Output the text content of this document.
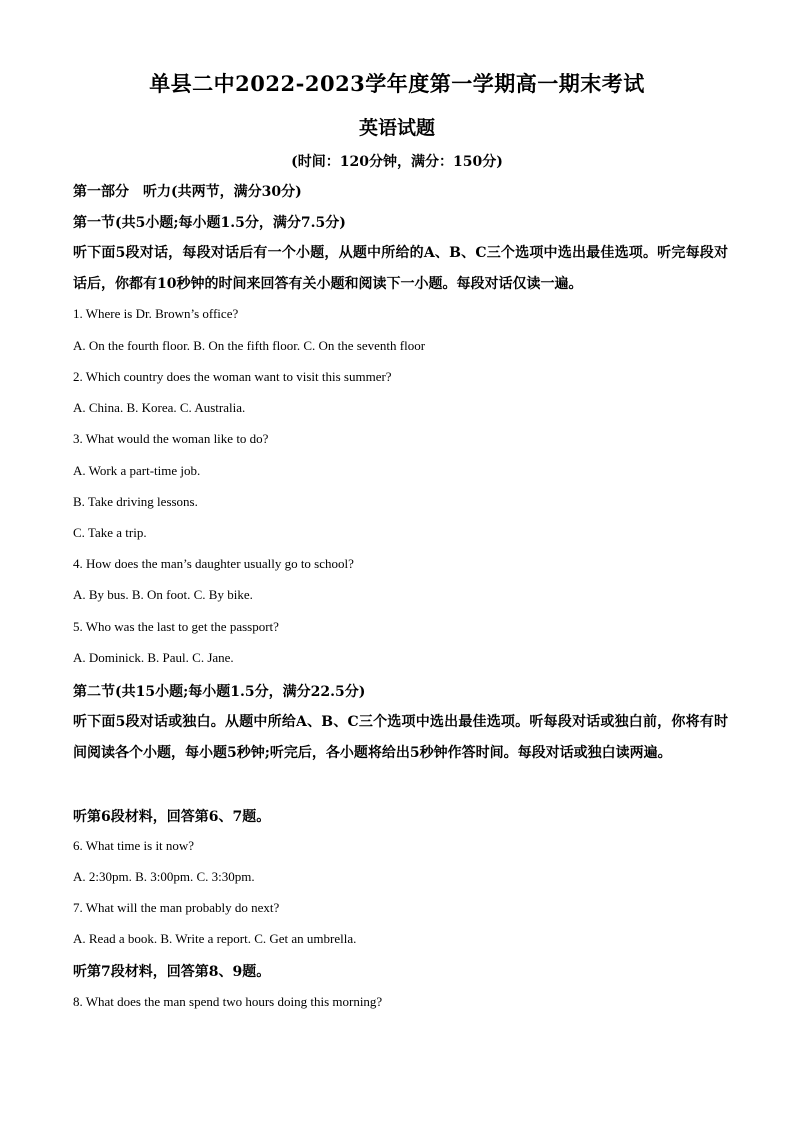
单县二中2022-2023学年度第一学期高一期末考试
英语试题
(时间：120分钟，满分：150分)
第一部分　听力(共两节，满分30分)
第一节(共5小题;每小题1.5分，满分7.5分)
听下面5段对话，每段对话后有一个小题，从题中所给的A、B、C三个选项中选出最佳选项。听完每段对话后，你都有10秒钟的时间来回答有关小题和阅读下一小题。每段对话仅读一遍。
1. Where is Dr. Brown’s office?
A. On the fourth floor. B. On the fifth floor. C. On the seventh floor
2. Which country does the woman want to visit this summer?
A. China. B. Korea. C. Australia.
3. What would the woman like to do?
A. Work a part-time job.
B. Take driving lessons.
C. Take a trip.
4. How does the man’s daughter usually go to school?
A. By bus. B. On foot. C. By bike.
5. Who was the last to get the passport?
A. Dominick. B. Paul. C. Jane.
第二节(共15小题;每小题1.5分，满分22.5分)
听下面5段对话或独白。从题中所给A、B、C三个选项中选出最佳选项。听每段对话或独白前，你将有时间阅读各个小题，每小题5秒钟;听完后，各小题将给出5秒钟作答时间。每段对话或独白读两遍。
听第6段材料，回答第6、7题。
6. What time is it now?
A. 2:30pm. B. 3:00pm. C. 3:30pm.
7. What will the man probably do next?
A. Read a book. B. Write a report. C. Get an umbrella.
听第7段材料，回答第8、9题。
8. What does the man spend two hours doing this morning?
